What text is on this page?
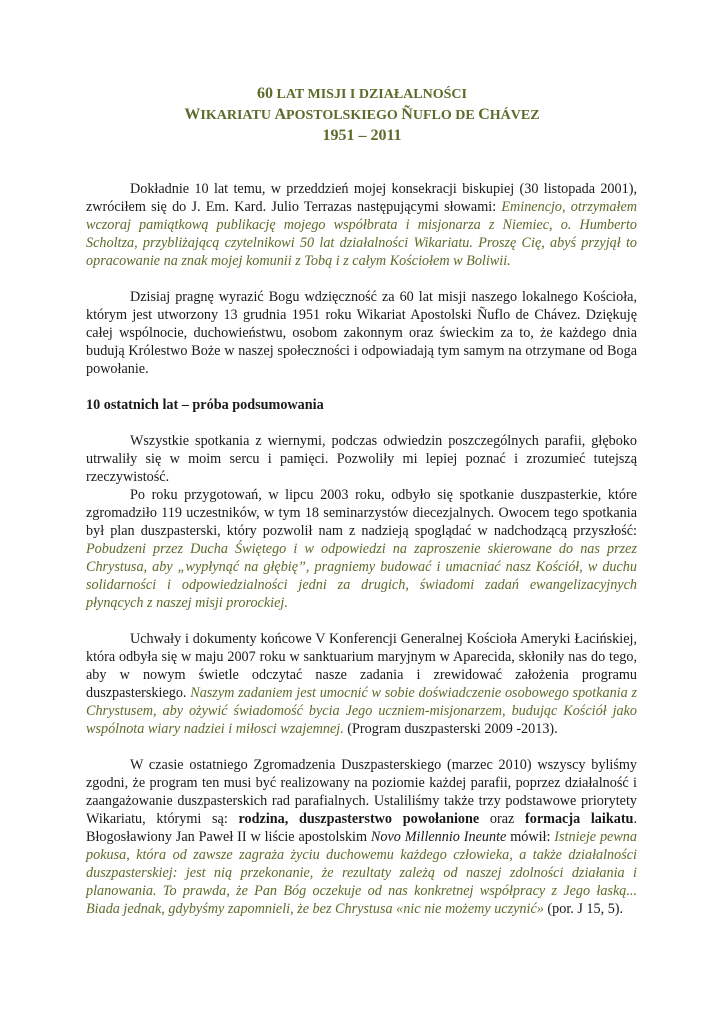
60 LAT MISJI I DZIAŁALNOŚCI
WIKARIATU APOSTOLSKIEGO ÑUFLO DE CHÁVEZ
1951 – 2011

Dokładnie 10 lat temu, w przeddzień mojej konsekracji biskupiej (30 listopada 2001), zwróciłem się do J. Em. Kard. Julio Terrazas następującymi słowami: Eminencjo, otrzymałem wczoraj pamiątkową publikację mojego współbrata i misjonarza z Niemiec, o. Humberto Scholtza, przybliżającą czytelnikowi 50 lat działalności Wikariatu. Proszę Cię, abyś przyjął to opracowanie na znak mojej komunii z Tobą i z całym Kościołem w Boliwii.

Dzisiaj pragnę wyrazić Bogu wdzięczność za 60 lat misji naszego lokalnego Kościoła, którym jest utworzony 13 grudnia 1951 roku Wikariat Apostolski Ñuflo de Chávez. Dziękuję całej wspólnocie, duchowieństwu, osobom zakonnym oraz świeckim za to, że każdego dnia budują Królestwo Boże w naszej społeczności i odpowiadają tym samym na otrzymane od Boga powołanie.

10 ostatnich lat – próba podsumowania

Wszystkie spotkania z wiernymi, podczas odwiedzin poszczególnych parafii, głęboko utrwaliły się w moim sercu i pamięci. Pozwoliły mi lepiej poznać i zrozumieć tutejszą rzeczywistość.

Po roku przygotowań, w lipcu 2003 roku, odbyło się spotkanie duszpasterkie, które zgromadziło 119 uczestników, w tym 18 seminarzystów diecezjalnych. Owocem tego spotkania był plan duszpasterski, który pozwolił nam z nadzieją spoglądać w nadchodzącą przyszłość: Pobudzeni przez Ducha Świętego i w odpowiedzi na zaproszenie skierowane do nas przez Chrystusa, aby „wypłynąć na głębię”, pragniemy budować i umacniać nasz Kościół, w duchu solidarności i odpowiedzialności jedni za drugich, świadomi zadań ewangelizacyjnych płynących z naszej misji prorockiej.

Uchwały i dokumenty końcowe V Konferencji Generalnej Kościoła Ameryki Łacińskiej, która odbyła się w maju 2007 roku w sanktuarium maryjnym w Aparecida, skłoniły nas do tego, aby w nowym świetle odczytać nasze zadania i zrewidować założenia programu duszpasterskiego. Naszym zadaniem jest umocnić w sobie doświadczenie osobowego spotkania z Chrystusem, aby ożywić świadomość bycia Jego uczniem-misjonarzem, budując Kościół jako wspólnota wiary nadziei i miłosci wzajemnej. (Program duszpasterski 2009 -2013).

W czasie ostatniego Zgromadzenia Duszpasterskiego (marzec 2010) wszyscy byliśmy zgodni, że program ten musi być realizowany na poziomie każdej parafii, poprzez działalność i zaangażowanie duszpasterskich rad parafialnych. Ustaliliśmy także trzy podstawowe priorytety Wikariatu, którymi są: rodzina, duszpasterstwo powołanione oraz formacja laikatu. Błogosławiony Jan Paweł II w liście apostolskim Novo Millennio Ineunte mówił: Istnieje pewna pokusa, która od zawsze zagraża życiu duchowemu każdego człowieka, a także działalności duszpasterskiej: jest nią przekonanie, że rezultaty zależą od naszej zdolności działania i planowania. To prawda, że Pan Bóg oczekuje od nas konkretnej współpracy z Jego łaską... Biada jednak, gdybyśmy zapomnieli, że bez Chrystusa «nic nie możemy uczynić» (por. J 15, 5).
